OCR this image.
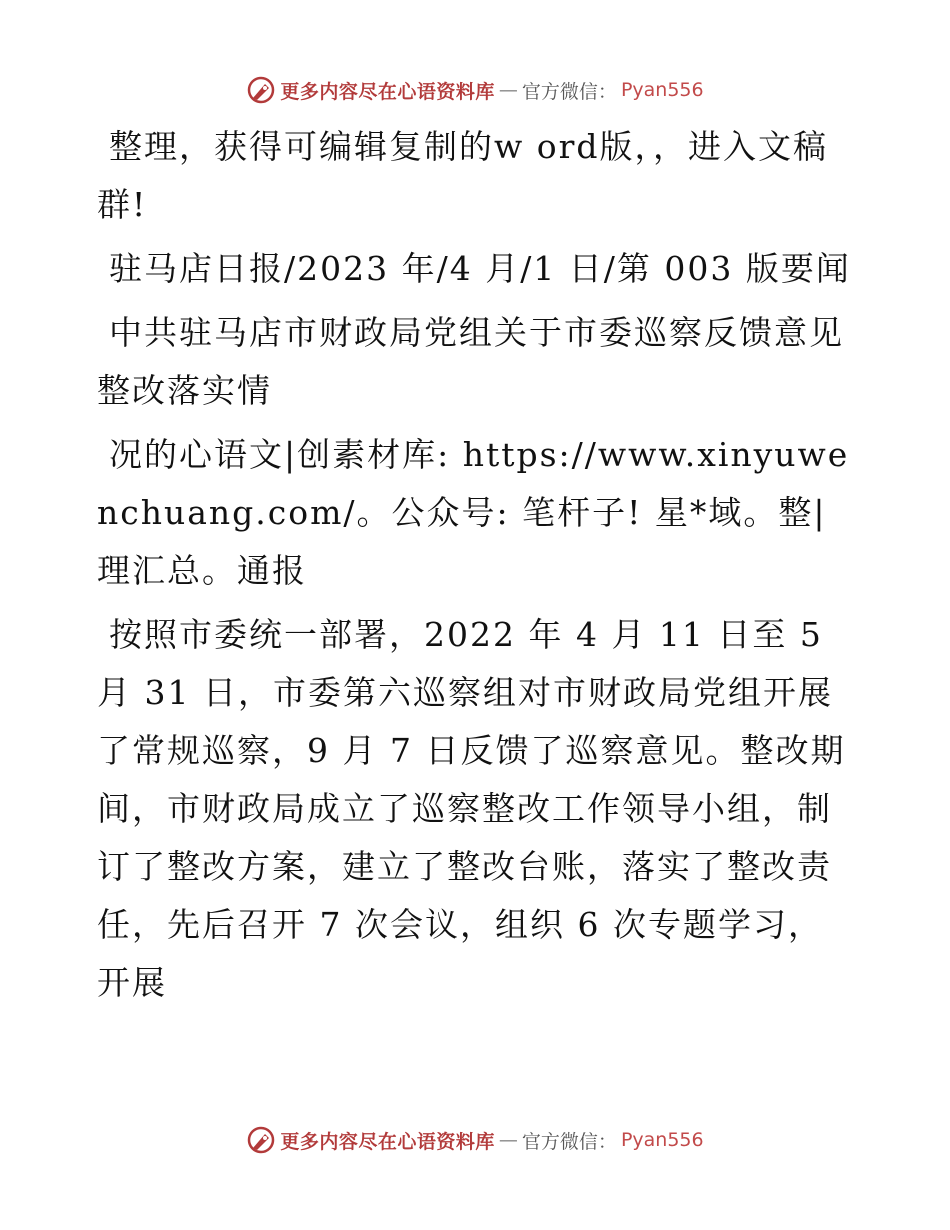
更多内容尽在心语资料库 — 官方微信： Pyan556

整理，获得可编辑复制的w ord版，，进入文稿群!

驻马店日报/2023 年/4 月/1 日/第 003 版要闻

中共驻马店市财政局党组关于市委巡察反馈意见整改落实情

况的心语文|创素材库: https://www.xinyuwenchuang.com/。公众号: 笔杆子! 星*域。整|理汇总。通报

按照市委统一部署，2022 年 4 月 11 日至 5 月 31 日，市委第六巡察组对市财政局党组开展了常规巡察，9 月 7 日反馈了巡察意见。整改期间，市财政局成立了巡察整改工作领导小组，制订了整改方案，建立了整改台账，落实了整改责任，先后召开 7 次会议，组织 6 次专题学习，开展

更多内容尽在心语资料库 — 官方微信： Pyan556
